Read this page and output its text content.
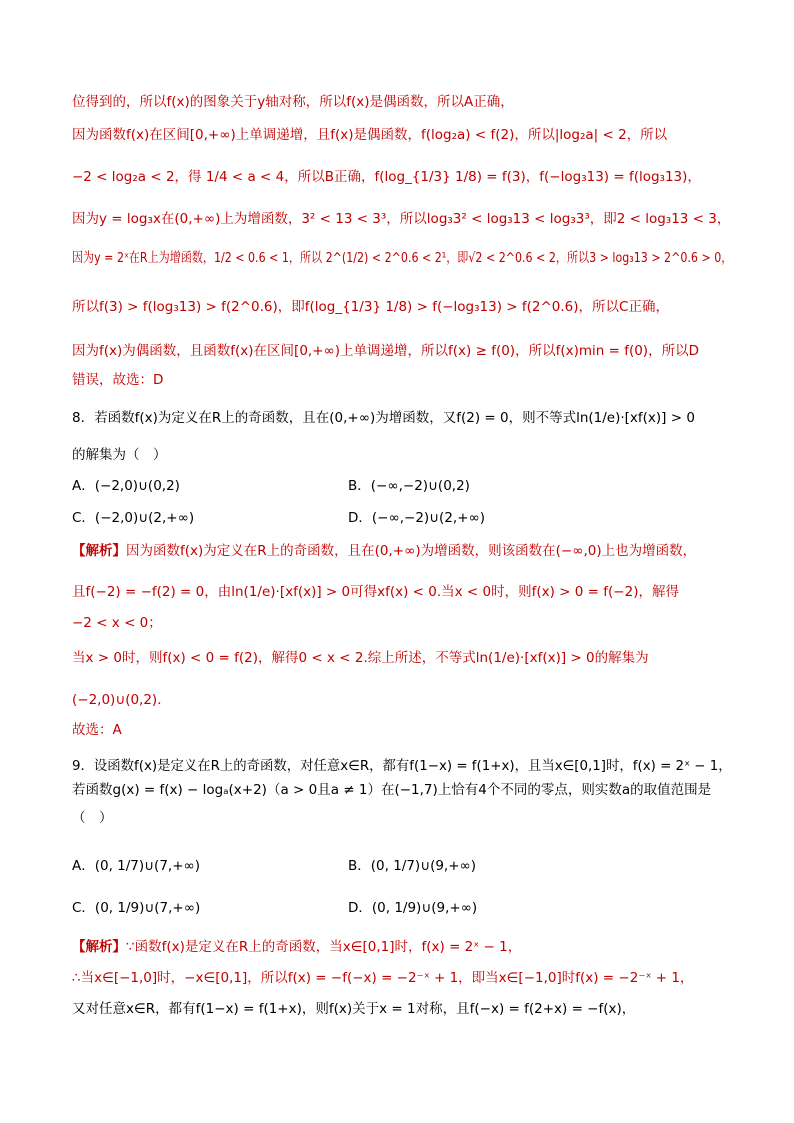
位得到的，所以f(x)的图象关于y轴对称，所以f(x)是偶函数，所以A正确，
因为函数f(x)在区间[0,+∞)上单调递增，且f(x)是偶函数，f(log₂a) < f(2)，所以|log₂a| < 2，所以
−2 < log₂a < 2，得 1/4 < a < 4，所以B正确，f(log_{1/3} 1/8) = f(3)，f(−log₃13) = f(log₃13)，
因为y = log₃x在(0,+∞)上为增函数，3² < 13 < 3³，所以log₃3² < log₃13 < log₃3³，即2 < log₃13 < 3，
因为y = 2ˣ在R上为增函数，1/2 < 0.6 < 1，所以 2^(1/2) < 2^0.6 < 2¹，即√2 < 2^0.6 < 2，所以3 > log₃13 > 2^0.6 > 0，
所以f(3) > f(log₃13) > f(2^0.6)，即f(log_{1/3} 1/8) > f(−log₃13) > f(2^0.6)，所以C正确，
因为f(x)为偶函数，且函数f(x)在区间[0,+∞)上单调递增，所以f(x) ≥ f(0)，所以f(x)min = f(0)，所以D
错误，故选：D
8．若函数f(x)为定义在R上的奇函数，且在(0,+∞)为增函数，又f(2) = 0，则不等式ln(1/e)·[xf(x)] > 0
的解集为（　）
A．(−2,0)∪(0,2)	B．(−∞,−2)∪(0,2)
C．(−2,0)∪(2,+∞)	D．(−∞,−2)∪(2,+∞)
【解析】因为函数f(x)为定义在R上的奇函数，且在(0,+∞)为增函数，则该函数在(−∞,0)上也为增函数，
且f(−2) = −f(2) = 0，由ln(1/e)·[xf(x)] > 0可得xf(x) < 0.当x < 0时，则f(x) > 0 = f(−2)，解得
−2 < x < 0；
当x > 0时，则f(x) < 0 = f(2)，解得0 < x < 2.综上所述，不等式ln(1/e)·[xf(x)] > 0的解集为
(−2,0)∪(0,2).
故选：A
9．设函数f(x)是定义在R上的奇函数，对任意x∈R，都有f(1−x) = f(1+x)，且当x∈[0,1]时，f(x) = 2ˣ − 1，
若函数g(x) = f(x) − logₐ(x+2)（a > 0且a ≠ 1）在(−1,7)上恰有4个不同的零点，则实数a的取值范围是
（　）
A．(0, 1/7)∪(7,+∞)	B．(0, 1/7)∪(9,+∞)
C．(0, 1/9)∪(7,+∞)	D．(0, 1/9)∪(9,+∞)
【解析】∵函数f(x)是定义在R上的奇函数，当x∈[0,1]时，f(x) = 2ˣ − 1，
∴当x∈[−1,0]时，−x∈[0,1]，所以f(x) = −f(−x) = −2⁻ˣ + 1，即当x∈[−1,0]时f(x) = −2⁻ˣ + 1，
又对任意x∈R，都有f(1−x) = f(1+x)，则f(x)关于x = 1对称，且f(−x) = f(2+x) = −f(x)，
